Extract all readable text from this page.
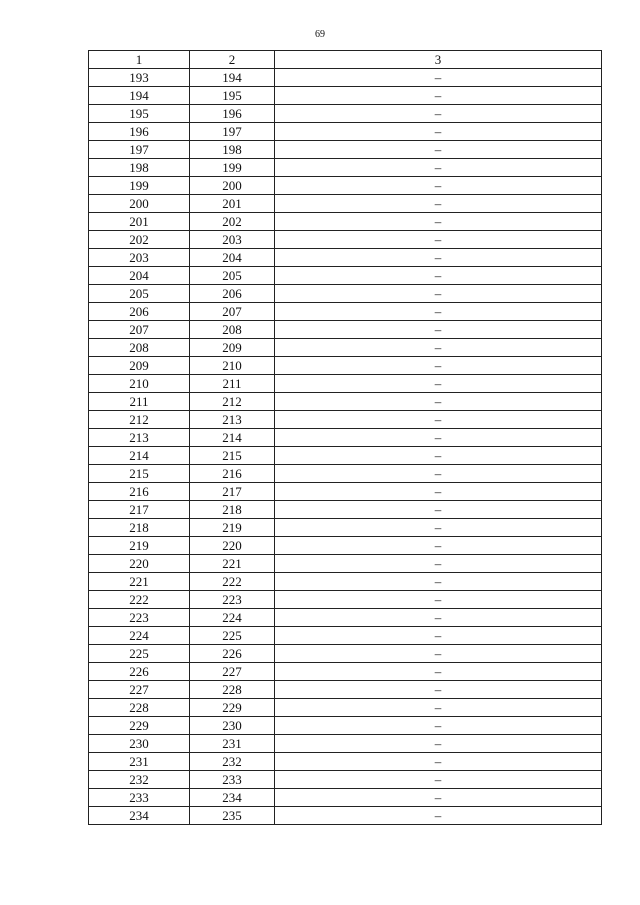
69
1	2	3
193	194	–
194	195	–
195	196	–
196	197	–
197	198	–
198	199	–
199	200	–
200	201	–
201	202	–
202	203	–
203	204	–
204	205	–
205	206	–
206	207	–
207	208	–
208	209	–
209	210	–
210	211	–
211	212	–
212	213	–
213	214	–
214	215	–
215	216	–
216	217	–
217	218	–
218	219	–
219	220	–
220	221	–
221	222	–
222	223	–
223	224	–
224	225	–
225	226	–
226	227	–
227	228	–
228	229	–
229	230	–
230	231	–
231	232	–
232	233	–
233	234	–
234	235	–
